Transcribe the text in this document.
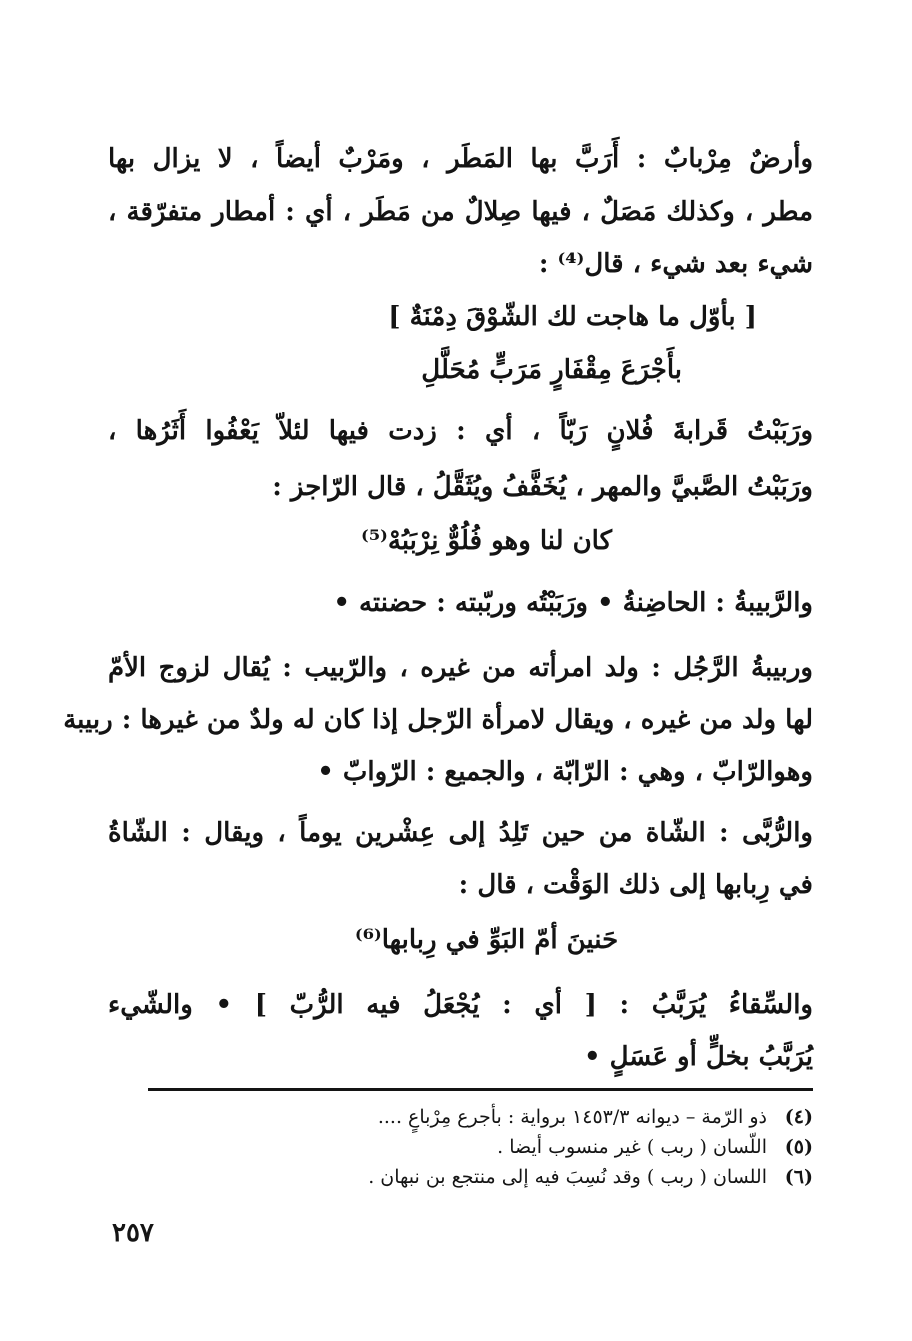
وأرضٌ مِرْبابٌ : أَرَبَّ بها المَطَر ، ومَرْبٌ أيضاً ، لا يزال بها
مطر ، وكذلك مَصَلٌ ، فيها صِلالٌ من مَطَر ، أي : أمطار متفرّقة ،
شيء بعد شيء ، قال⁽⁴⁾ :
[ بأوّل ما هاجت لك الشّوْقَ دِمْنَةٌ ]
بأَجْرَعَ مِقْفَارٍ مَرَبٍّ مُحَلَّلِ
ورَبَبْتُ قَرابةَ فُلانٍ رَبّاً ، أي : زدت فيها لئلاّ يَعْفُوا أَثَرُها ،
ورَبَبْتُ الصَّبيَّ والمهر ، يُخَفَّفُ ويُثَقَّلُ ، قال الرّاجز :
كان لنا وهو فُلُوٌّ نِرْبَبُهْ⁽⁵⁾
والرَّبيبةُ : الحاضِنةُ • ورَبَبْتُه وربّبته : حضنته •
وربيبةُ الرَّجُل : ولد امرأته من غيره ، والرّبيب : يُقال لزوج الأمّ
لها ولد من غيره ، ويقال لامرأة الرّجل إذا كان له ولدٌ من غيرها : ربيبة
وهوالرّابّ ، وهي : الرّابّة ، والجميع : الرّوابّ •
والرُّبَّى : الشّاة من حين تَلِدُ إلى عِشْرين يوماً ، ويقال : الشّاةُ
في رِبابها إلى ذلك الوَقْت ، قال :
حَنينَ أمّ البَوِّ في رِبابها⁽⁶⁾
والسِّقاءُ يُرَبَّبُ : [ أي : يُجْعَلُ فيه الرُّبّ ] • والشّيء
يُرَبَّبُ بخلٍّ أو عَسَلٍ •
(٤)ذو الرّمة – ديوانه ١٤٥٣/٣ برواية : بأجرع مِرْباعٍ ....
(٥)اللّسان ( ربب ) غير منسوب أيضا .
(٦)اللسان ( ربب ) وقد نُسِبَ فيه إلى منتجع بن نبهان .
٢٥٧
